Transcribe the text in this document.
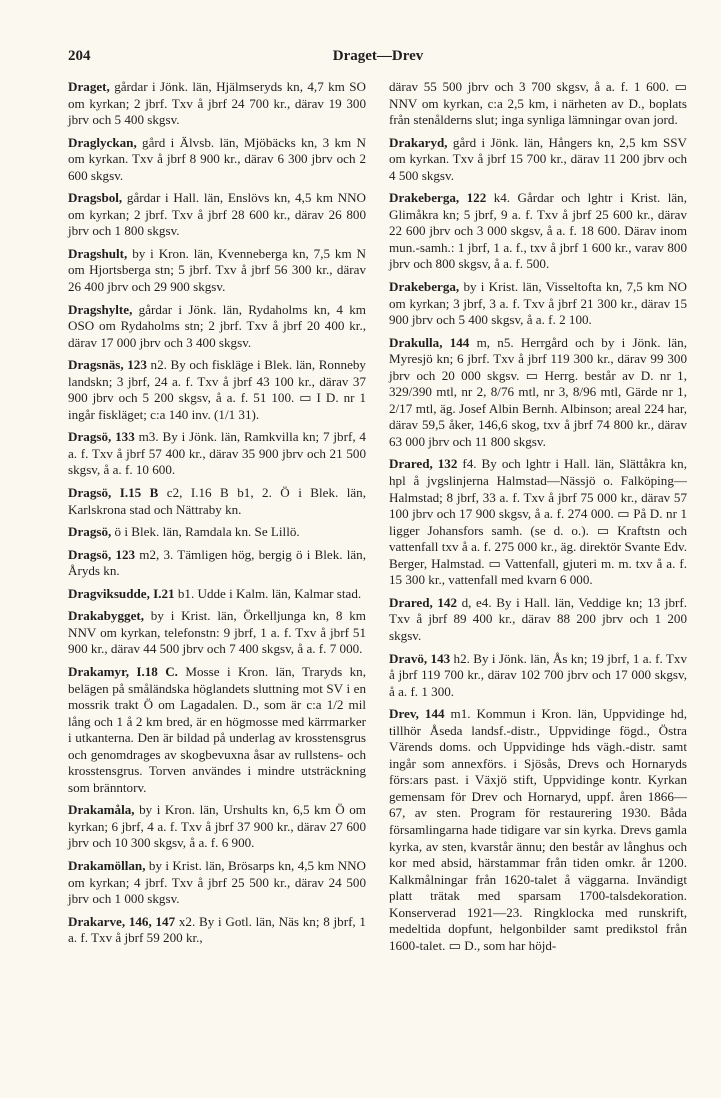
204	Draget—Drev

Draget, gårdar i Jönk. län, Hjälmseryds kn, 4,7 km SO om kyrkan; 2 jbrf. Txv å jbrf 24 700 kr., därav 19 300 jbrv och 5 400 skgsv.

Draglyckan, gård i Älvsb. län, Mjöbäcks kn, 3 km N om kyrkan. Txv å jbrf 8 900 kr., därav 6 300 jbrv och 2 600 skgsv.

Dragsbol, gårdar i Hall. län, Enslövs kn, 4,5 km NNO om kyrkan; 2 jbrf. Txv å jbrf 28 600 kr., därav 26 800 jbrv och 1 800 skgsv.

Dragshult, by i Kron. län, Kvenneberga kn, 7,5 km N om Hjortsberga stn; 5 jbrf. Txv å jbrf 56 300 kr., därav 26 400 jbrv och 29 900 skgsv.

Dragshylte, gårdar i Jönk. län, Rydaholms kn, 4 km OSO om Rydaholms stn; 2 jbrf. Txv å jbrf 20 400 kr., därav 17 000 jbrv och 3 400 skgsv.

Dragsnäs, 123 n2. By och fiskläge i Blek. län, Ronneby landskn; 3 jbrf, 24 a. f. Txv å jbrf 43 100 kr., därav 37 900 jbrv och 5 200 skgsv, å a. f. 51 100. ▭ I D. nr 1 ingår fiskläget; c:a 140 inv. (1/1 31).

Dragsö, 133 m3. By i Jönk. län, Ramkvilla kn; 7 jbrf, 4 a. f. Txv å jbrf 57 400 kr., därav 35 900 jbrv och 21 500 skgsv, å a. f. 10 600.

Dragsö, I.15 B c2, I.16 B b1, 2. Ö i Blek. län, Karlskrona stad och Nättraby kn.

Dragsö, ö i Blek. län, Ramdala kn. Se Lillö.

Dragsö, 123 m2, 3. Tämligen hög, bergig ö i Blek. län, Åryds kn.

Dragviksudde, I.21 b1. Udde i Kalm. län, Kalmar stad.

Drakabygget, by i Krist. län, Örkelljunga kn, 8 km NNV om kyrkan, telefonstn: 9 jbrf, 1 a. f. Txv å jbrf 51 900 kr., därav 44 500 jbrv och 7 400 skgsv, å a. f. 7 000.

Drakamyr, I.18 C. Mosse i Kron. län, Traryds kn, belägen på småländska höglandets sluttning mot SV i en mossrik trakt Ö om Lagadalen. D., som är c:a 1/2 mil lång och 1 å 2 km bred, är en högmosse med kärrmarker i utkanterna. Den är bildad på underlag av krosstensgrus och genomdrages av skogbevuxna åsar av rullstens- och krosstensgrus. Torven användes i mindre utsträckning som bränntorv.

Drakamåla, by i Kron. län, Urshults kn, 6,5 km Ö om kyrkan; 6 jbrf, 4 a. f. Txv å jbrf 37 900 kr., därav 27 600 jbrv och 10 300 skgsv, å a. f. 6 900.

Drakamöllan, by i Krist. län, Brösarps kn, 4,5 km NNO om kyrkan; 4 jbrf. Txv å jbrf 25 500 kr., därav 24 500 jbrv och 1 000 skgsv.

Drakarve, 146, 147 x2. By i Gotl. län, Näs kn; 8 jbrf, 1 a. f. Txv å jbrf 59 200 kr.,

därav 55 500 jbrv och 3 700 skgsv, å a. f. 1 600. ▭ NNV om kyrkan, c:a 2,5 km, i närheten av D., boplats från stenålderns slut; inga synliga lämningar ovan jord.

Drakaryd, gård i Jönk. län, Hångers kn, 2,5 km SSV om kyrkan. Txv å jbrf 15 700 kr., därav 11 200 jbrv och 4 500 skgsv.

Drakeberga, 122 k4. Gårdar och lghtr i Krist. län, Glimåkra kn; 5 jbrf, 9 a. f. Txv å jbrf 25 600 kr., därav 22 600 jbrv och 3 000 skgsv, å a. f. 18 600. Därav inom mun.-samh.: 1 jbrf, 1 a. f., txv å jbrf 1 600 kr., varav 800 jbrv och 800 skgsv, å a. f. 500.

Drakeberga, by i Krist. län, Visseltofta kn, 7,5 km NO om kyrkan; 3 jbrf, 3 a. f. Txv å jbrf 21 300 kr., därav 15 900 jbrv och 5 400 skgsv, å a. f. 2 100.

Drakulla, 144 m, n5. Herrgård och by i Jönk. län, Myresjö kn; 6 jbrf. Txv å jbrf 119 300 kr., därav 99 300 jbrv och 20 000 skgsv. ▭ Herrg. består av D. nr 1, 329/390 mtl, nr 2, 8/76 mtl, nr 3, 8/96 mtl, Gärde nr 1, 2/17 mtl, äg. Josef Albin Bernh. Albinson; areal 224 har, därav 59,5 åker, 146,6 skog, txv å jbrf 74 800 kr., därav 63 000 jbrv och 11 800 skgsv.

Drared, 132 f4. By och lghtr i Hall. län, Slättåkra kn, hpl å jvgslinjerna Halmstad—Nässjö o. Falköping—Halmstad; 8 jbrf, 33 a. f. Txv å jbrf 75 000 kr., därav 57 100 jbrv och 17 900 skgsv, å a. f. 274 000. ▭ På D. nr 1 ligger Johansfors samh. (se d. o.). ▭ Kraftstn och vattenfall txv å a. f. 275 000 kr., äg. direktör Svante Edv. Berger, Halmstad. ▭ Vattenfall, gjuteri m. m. txv å a. f. 15 300 kr., vattenfall med kvarn 6 000.

Drared, 142 d, e4. By i Hall. län, Veddige kn; 13 jbrf. Txv å jbrf 89 400 kr., därav 88 200 jbrv och 1 200 skgsv.

Dravö, 143 h2. By i Jönk. län, Ås kn; 19 jbrf, 1 a. f. Txv å jbrf 119 700 kr., därav 102 700 jbrv och 17 000 skgsv, å a. f. 1 300.

Drev, 144 m1. Kommun i Kron. län, Uppvidinge hd, tillhör Åseda landsf.-distr., Uppvidinge fögd., Östra Värends doms. och Uppvidinge hds vägh.-distr. samt ingår som annexförs. i Sjösås, Drevs och Hornaryds förs:ars past. i Växjö stift, Uppvidinge kontr. Kyrkan gemensam för Drev och Hornaryd, uppf. åren 1866—67, av sten. Program för restaurering 1930. Båda församlingarna hade tidigare var sin kyrka. Drevs gamla kyrka, av sten, kvarstår ännu; den består av långhus och kor med absid, härstammar från tiden omkr. år 1200. Kalkmålningar från 1620-talet å väggarna. Invändigt platt trätak med sparsam 1700-talsdekoration. Konserverad 1921—23. Ringklocka med runskrift, medeltida dopfunt, helgonbilder samt predikstol från 1600-talet. ▭ D., som har höjd-
